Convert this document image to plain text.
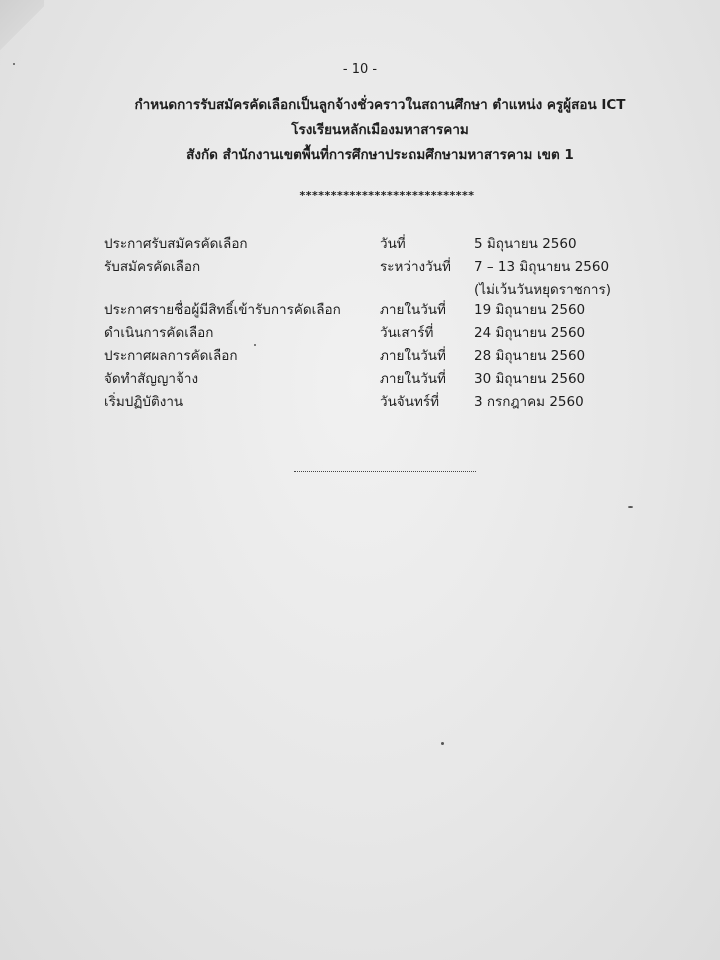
- 10 -
กำหนดการรับสมัครคัดเลือกเป็นลูกจ้างชั่วคราวในสถานศึกษา ตำแหน่ง ครูผู้สอน ICT
โรงเรียนหลักเมืองมหาสารคาม
สังกัด สำนักงานเขตพื้นที่การศึกษาประถมศึกษามหาสารคาม เขต 1
****************************
ประกาศรับสมัครคัดเลือก	วันที่	5 มิถุนายน 2560
รับสมัครคัดเลือก	ระหว่างวันที่ 7 – 13 มิถุนายน 2560
(ไม่เว้นวันหยุดราชการ)
ประกาศรายชื่อผู้มีสิทธิ์เข้ารับการคัดเลือก	ภายในวันที่ 19 มิถุนายน 2560
ดำเนินการคัดเลือก	วันเสาร์ที่	24 มิถุนายน 2560
ประกาศผลการคัดเลือก	ภายในวันที่ 28 มิถุนายน 2560
จัดทำสัญญาจ้าง	ภายในวันที่ 30 มิถุนายน 2560
เริ่มปฏิบัติงาน	วันจันทร์ที่	3 กรกฎาคม 2560
